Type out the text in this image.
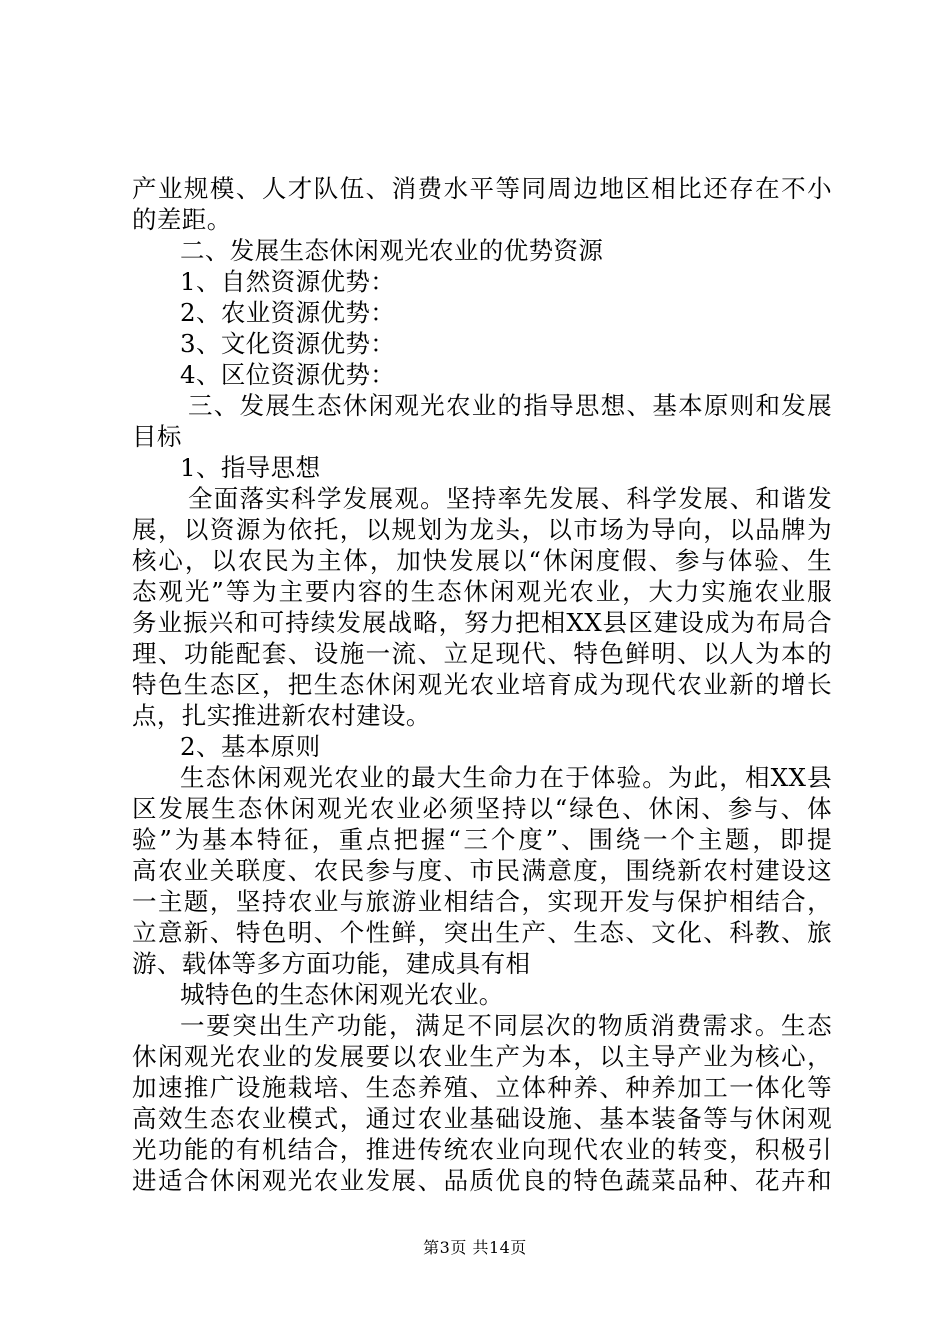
产业规模、人才队伍、消费水平等同周边地区相比还存在不小
的差距。
二、发展生态休闲观光农业的优势资源
1、自然资源优势：
2、农业资源优势：
3、文化资源优势：
4、区位资源优势：
三、发展生态休闲观光农业的指导思想、基本原则和发展
目标
1、指导思想
全面落实科学发展观。坚持率先发展、科学发展、和谐发
展，以资源为依托，以规划为龙头，以市场为导向，以品牌为
核心，以农民为主体，加快发展以“休闲度假、参与体验、生
态观光”等为主要内容的生态休闲观光农业，大力实施农业服
务业振兴和可持续发展战略，努力把相XX县区建设成为布局合
理、功能配套、设施一流、立足现代、特色鲜明、以人为本的
特色生态区，把生态休闲观光农业培育成为现代农业新的增长
点，扎实推进新农村建设。
2、基本原则
生态休闲观光农业的最大生命力在于体验。为此，相XX县
区发展生态休闲观光农业必须坚持以“绿色、休闲、参与、体
验”为基本特征，重点把握“三个度”、围绕一个主题，即提
高农业关联度、农民参与度、市民满意度，围绕新农村建设这
一主题，坚持农业与旅游业相结合，实现开发与保护相结合，
立意新、特色明、个性鲜，突出生产、生态、文化、科教、旅
游、载体等多方面功能，建成具有相
城特色的生态休闲观光农业。
一要突出生产功能，满足不同层次的物质消费需求。生态
休闲观光农业的发展要以农业生产为本，以主导产业为核心，
加速推广设施栽培、生态养殖、立体种养、种养加工一体化等
高效生态农业模式，通过农业基础设施、基本装备等与休闲观
光功能的有机结合，推进传统农业向现代农业的转变，积极引
进适合休闲观光农业发展、品质优良的特色蔬菜品种、花卉和
第3页 共14页
